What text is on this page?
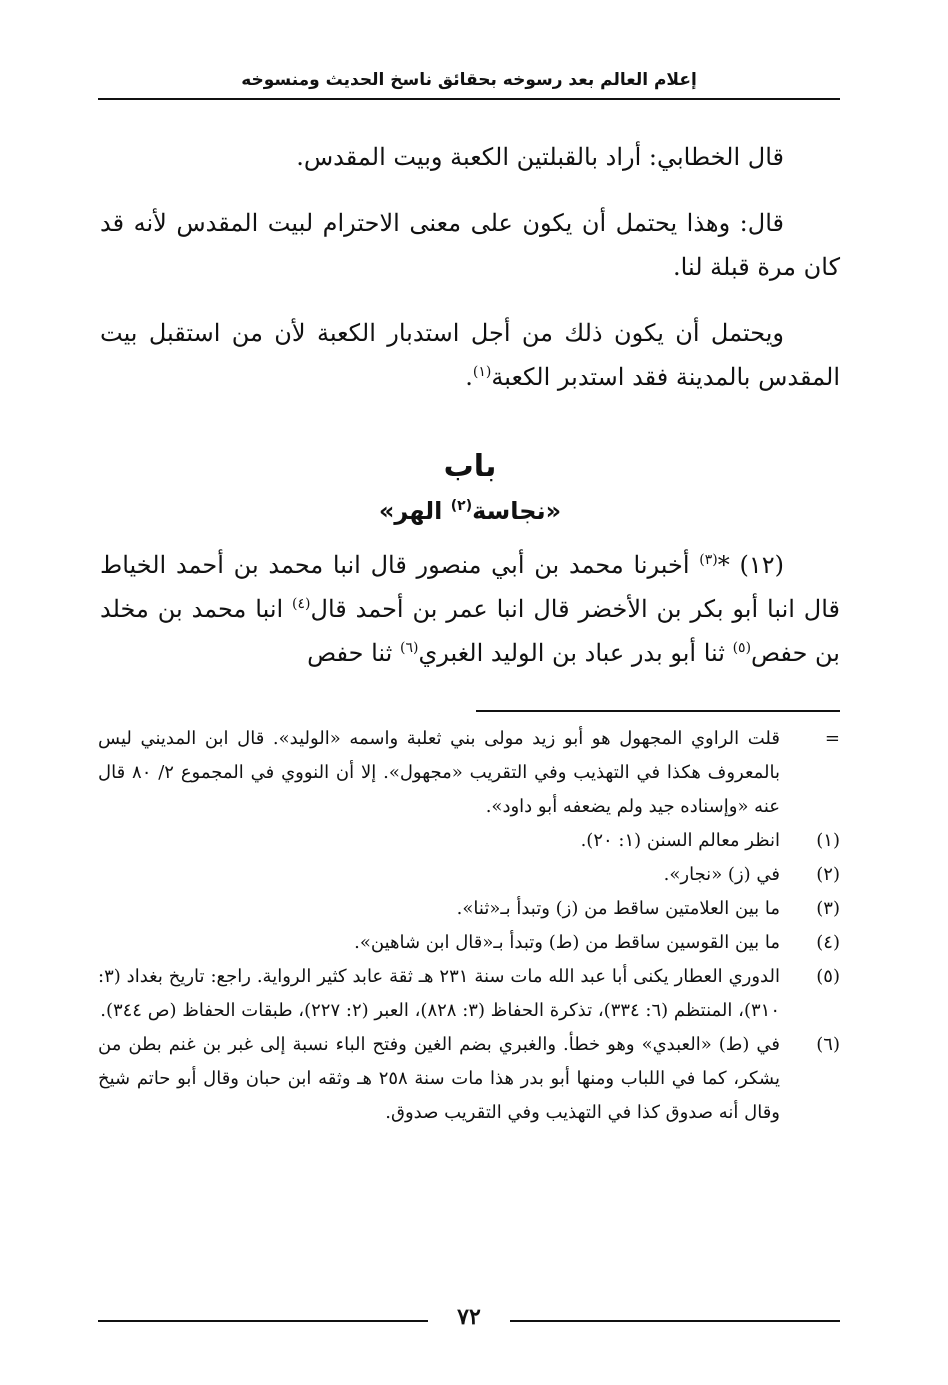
إعلام العالم بعد رسوخه بحقائق ناسخ الحديث ومنسوخه

قال الخطابي: أراد بالقبلتين الكعبة وبيت المقدس.

قال: وهذا يحتمل أن يكون على معنى الاحترام لبيت المقدس لأنه قد كان مرة قبلة لنا.

ويحتمل أن يكون ذلك من أجل استدبار الكعبة لأن من استقبل بيت المقدس بالمدينة فقد استدبر الكعبة$^{(١)}$.

باب
«نجاسة$^{(٢)}$ الهر»

(١٢) *$^{(٣)}$ أخبرنا محمد بن أبي منصور قال انبا محمد بن أحمد الخياط قال انبا أبو بكر بن الأخضر قال انبا عمر بن أحمد قال$^{(٤)}$ انبا محمد بن مخلد بن حفص$^{(٥)}$ ثنا أبو بدر عباد بن الوليد الغبري$^{(٦)}$ ثنا حفص

=
قلت الراوي المجهول هو أبو زيد مولى بني ثعلبة واسمه «الوليد». قال ابن المديني ليس بالمعروف هكذا في التهذيب وفي التقريب «مجهول». إلا أن النووي في المجموع ٢/ ٨٠ قال عنه «وإسناده جيد ولم يضعفه أبو داود».
(١)
انظر معالم السنن (١: ٢٠).
(٢)
في (ز) «نجار».
(٣)
ما بين العلامتين ساقط من (ز) وتبدأ بـ«ثنا».
(٤)
ما بين القوسين ساقط من (ط) وتبدأ بـ«قال ابن شاهين».
(٥)
الدوري العطار يكنى أبا عبد الله مات سنة ٢٣١ هـ ثقة عابد كثير الرواية. راجع: تاريخ بغداد (٣: ٣١٠)، المنتظم (٦: ٣٣٤)، تذكرة الحفاظ (٣: ٨٢٨)، العبر (٢: ٢٢٧)، طبقات الحفاظ (ص ٣٤٤).
(٦)
في (ط) «العبدي» وهو خطأ. والغبري بضم الغين وفتح الباء نسبة إلى غبر بن غنم بطن من يشكر، كما في اللباب ومنها أبو بدر هذا مات سنة ٢٥٨ هـ وثقه ابن حبان وقال أبو حاتم شيخ وقال أنه صدوق كذا في التهذيب وفي التقريب صدوق.
٧٢
